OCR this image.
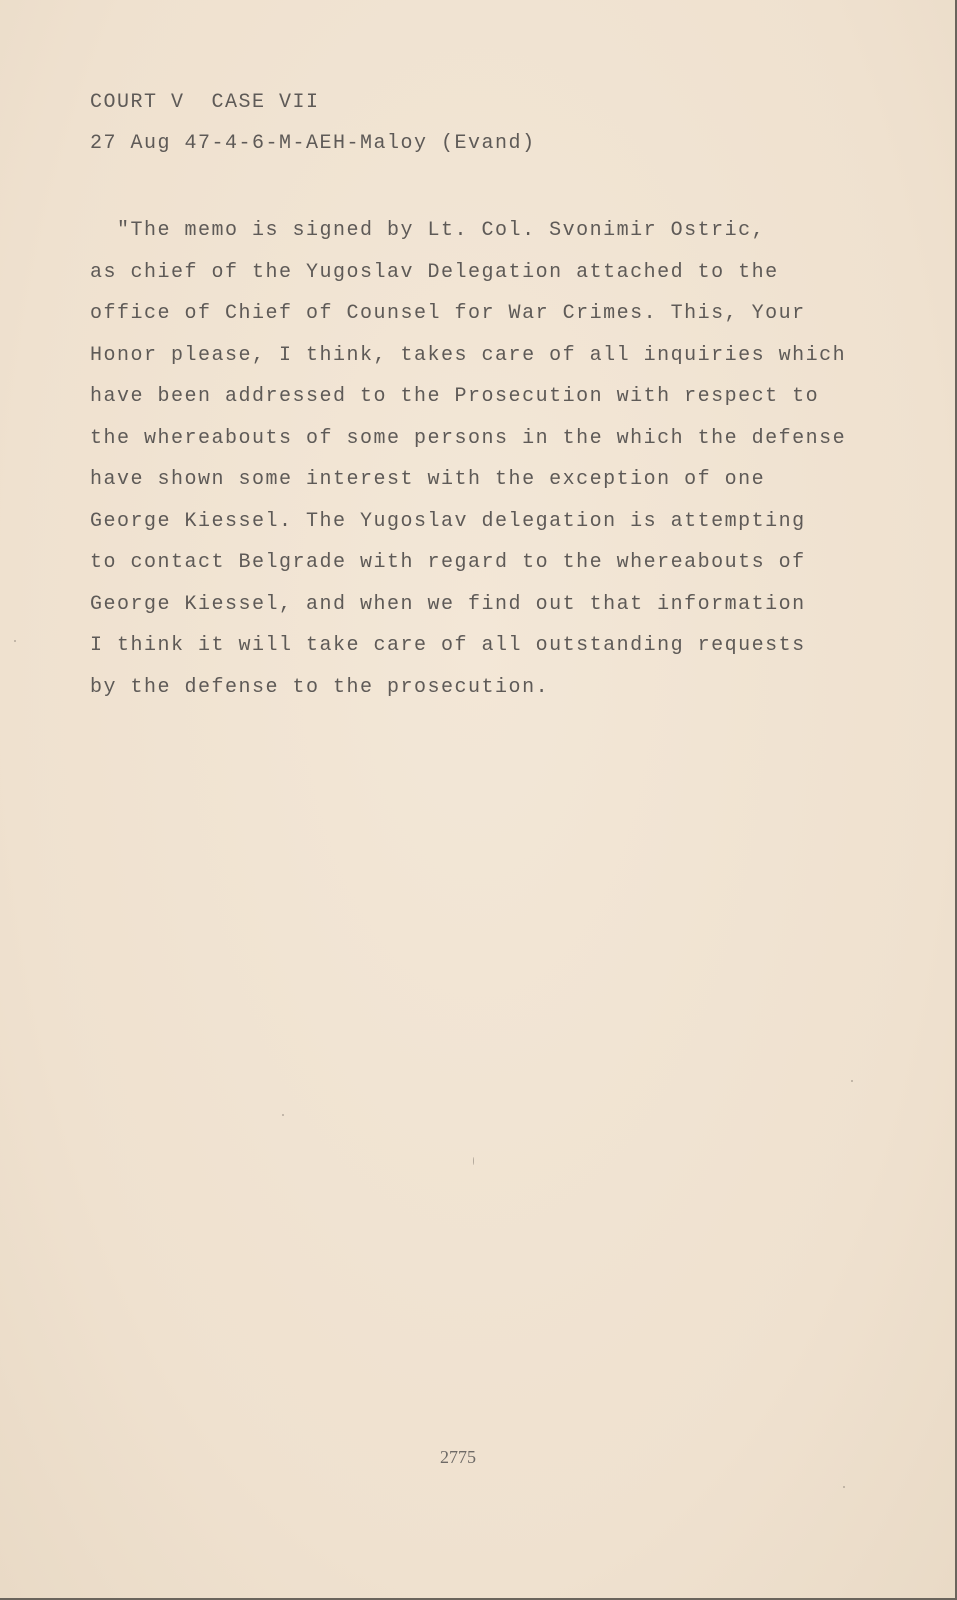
COURT V  CASE VII
27 Aug 47-4-6-M-AEH-Maloy (Evand)
"The memo is signed by Lt. Col. Svonimir Ostric,
as chief of the Yugoslav Delegation attached to the
office of Chief of Counsel for War Crimes. This, Your
Honor please, I think, takes care of all inquiries which
have been addressed to the Prosecution with respect to
the whereabouts of some persons in the which the defense
have shown some interest with the exception of one
George Kiessel. The Yugoslav delegation is attempting
to contact Belgrade with regard to the whereabouts of
George Kiessel, and when we find out that information
I think it will take care of all outstanding requests
by the defense to the prosecution.
2775
